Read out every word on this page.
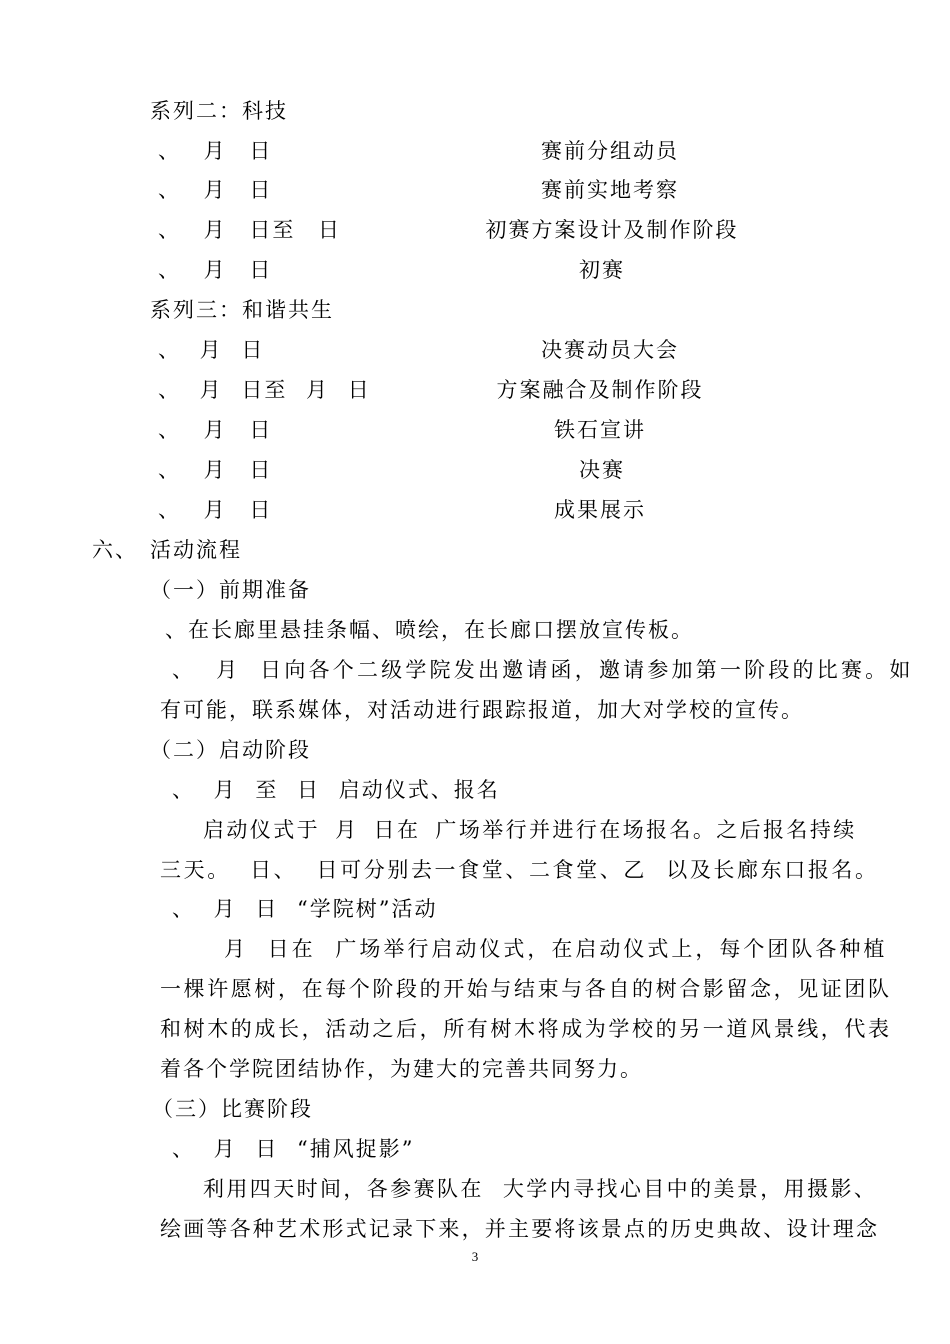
系列二：科技
、 月 日	赛前分组动员
、 月 日	赛前实地考察
、 月 日至 日	初赛方案设计及制作阶段
、 月 日	初赛
系列三：和谐共生
、 月 日	决赛动员大会
、 月 日至 月 日	方案融合及制作阶段
、 月 日	铁石宣讲
、 月 日	决赛
、 月 日	成果展示
六、 活动流程
（一）前期准备
、在长廊里悬挂条幅、喷绘，在长廊口摆放宣传板。
、 月 日向各个二级学院发出邀请函，邀请参加第一阶段的比赛。如
有可能，联系媒体，对活动进行跟踪报道，加大对学校的宣传。
（二）启动阶段
、 月 至 日 启动仪式、报名
启动仪式于 月 日在 广场举行并进行在场报名。之后报名持续
三天。 日、 日可分别去一食堂、二食堂、乙 以及长廊东口报名。
、 月 日 “学院树”活动
月 日在 广场举行启动仪式，在启动仪式上，每个团队各种植
一棵许愿树，在每个阶段的开始与结束与各自的树合影留念，见证团队
和树木的成长，活动之后，所有树木将成为学校的另一道风景线，代表
着各个学院团结协作，为建大的完善共同努力。
（三）比赛阶段
、 月 日 “捕风捉影”
利用四天时间，各参赛队在 大学内寻找心目中的美景，用摄影、
绘画等各种艺术形式记录下来，并主要将该景点的历史典故、设计理念
3
